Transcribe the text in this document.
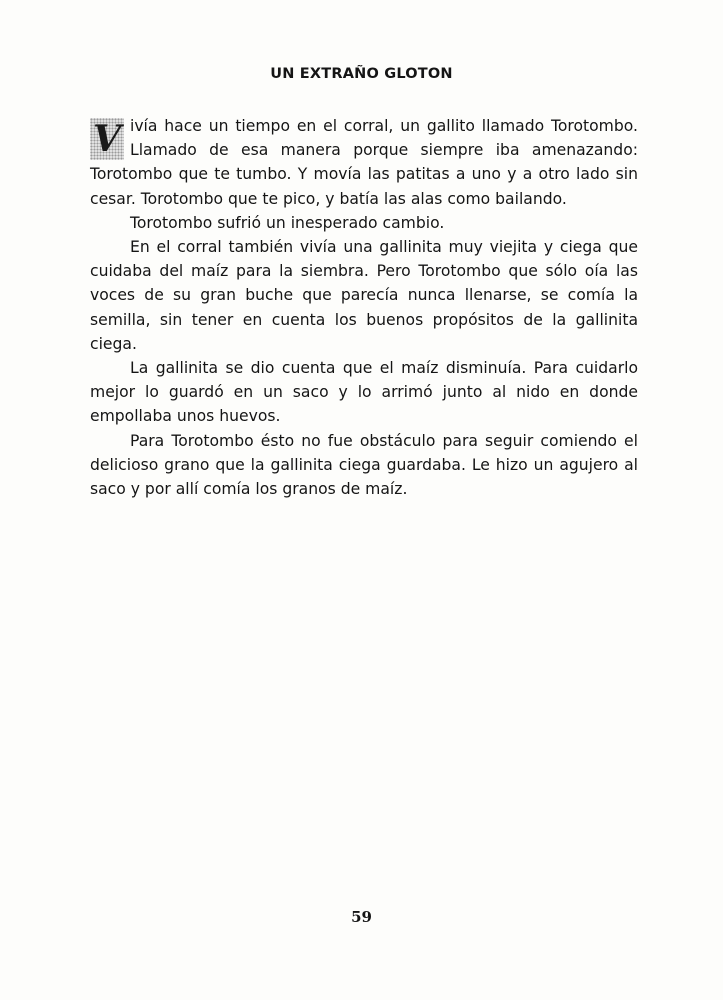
UN EXTRAÑO GLOTON

V ivía hace un tiempo en el corral, un gallito llamado Torotombo. Llamado de esa manera porque siempre iba amenazando: Torotombo que te tumbo. Y movía las patitas a uno y a otro lado sin cesar. Torotombo que te pico, y batía las alas como bailando.

Torotombo sufrió un inesperado cambio.

En el corral también vivía una gallinita muy viejita y ciega que cuidaba del maíz para la siembra. Pero Torotombo que sólo oía las voces de su gran buche que parecía nunca llenarse, se comía la semilla, sin tener en cuenta los buenos propósitos de la gallinita ciega.

La gallinita se dio cuenta que el maíz disminuía. Para cuidarlo mejor lo guardó en un saco y lo arrimó junto al nido en donde empollaba unos huevos.

Para Torotombo ésto no fue obstáculo para seguir comiendo el delicioso grano que la gallinita ciega guardaba. Le hizo un agujero al saco y por allí comía los granos de maíz.

59
